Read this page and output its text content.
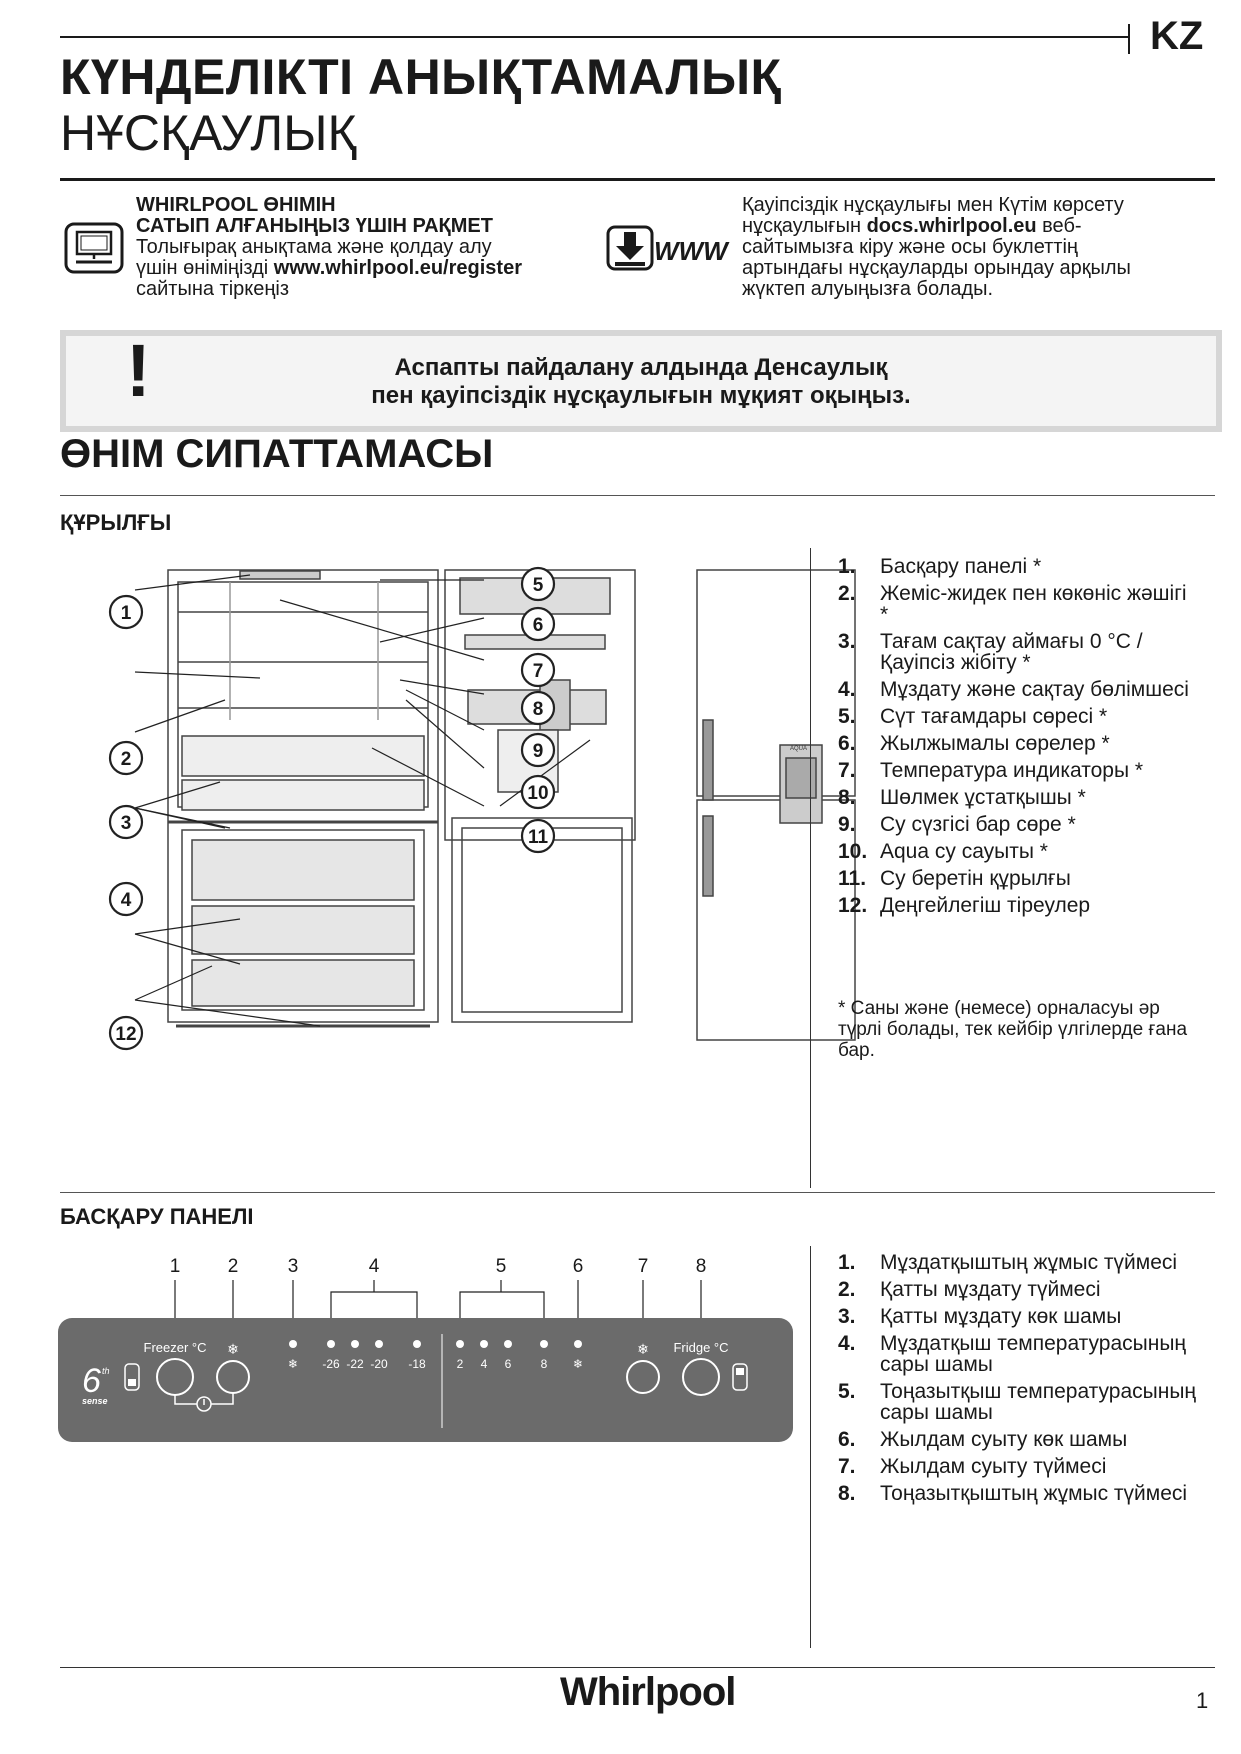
KZ
КҮНДЕЛІКТІ АНЫҚТАМАЛЫҚ
НҰСҚАУЛЫҚ
WHIRLPOOL ӨНІМІН
САТЫП АЛҒАНЫҢЫЗ ҮШІН РАҚМЕТ
Толығырақ анықтама және қолдау алу
үшін өніміңізді www.whirlpool.eu/register
сайтына тіркеңіз
WWW
Қауіпсіздік нұсқаулығы мен Күтім көрсету
нұсқаулығын docs.whirlpool.eu веб-
сайтымызға кіру және осы буклеттің
артындағы нұсқауларды орындау арқылы
жүктеп алуыңызға болады.
!	Аспапты пайдалану алдында Денсаулық
пен қауіпсіздік нұсқаулығын мұқият оқыңыз.
ӨНІМ СИПАТТАМАСЫ
ҚҰРЫЛҒЫ
AQUA
1
2
3
4
12
5
6
7
8
9
10
11
1.	Басқару панелі *
2.	Жеміс-жидек пен көкөніс жәшігі *
3.	Тағам сақтау аймағы 0 °C / Қауіпсіз жібіту *
4.	Мұздату және сақтау бөлімшесі
5.	Сүт тағамдары сөресі *
6.	Жылжымалы сөрелер *
7.	Температура индикаторы *
8.	Шөлмек ұстатқышы *
9.	Су сүзгісі бар сөре *
10. Aqua су сауыты *
11. Су беретін құрылғы
12. Деңгейлегіш тіреулер
* Саны және (немесе) орналасуы әр түрлі болады, тек кейбір үлгілерде ғана бар.
БАСҚАРУ ПАНЕЛІ
1 2	3	4	5	6	7 8
6 th
sense
Freezer °C ❄
❄ -26 -22 -20 -18	2 4 6 8 ❄
❄ Fridge °C
1.	Мұздатқыштың жұмыс түймесі
2.	Қатты мұздату түймесі
3.	Қатты мұздату көк шамы
4.	Мұздатқыш температурасының сары шамы
5.	Тоңазытқыш температурасының сары шамы
6.	Жылдам суыту көк шамы
7.	Жылдам суыту түймесі
8.	Тоңазытқыштың жұмыс түймесі
Whirlpool	1
